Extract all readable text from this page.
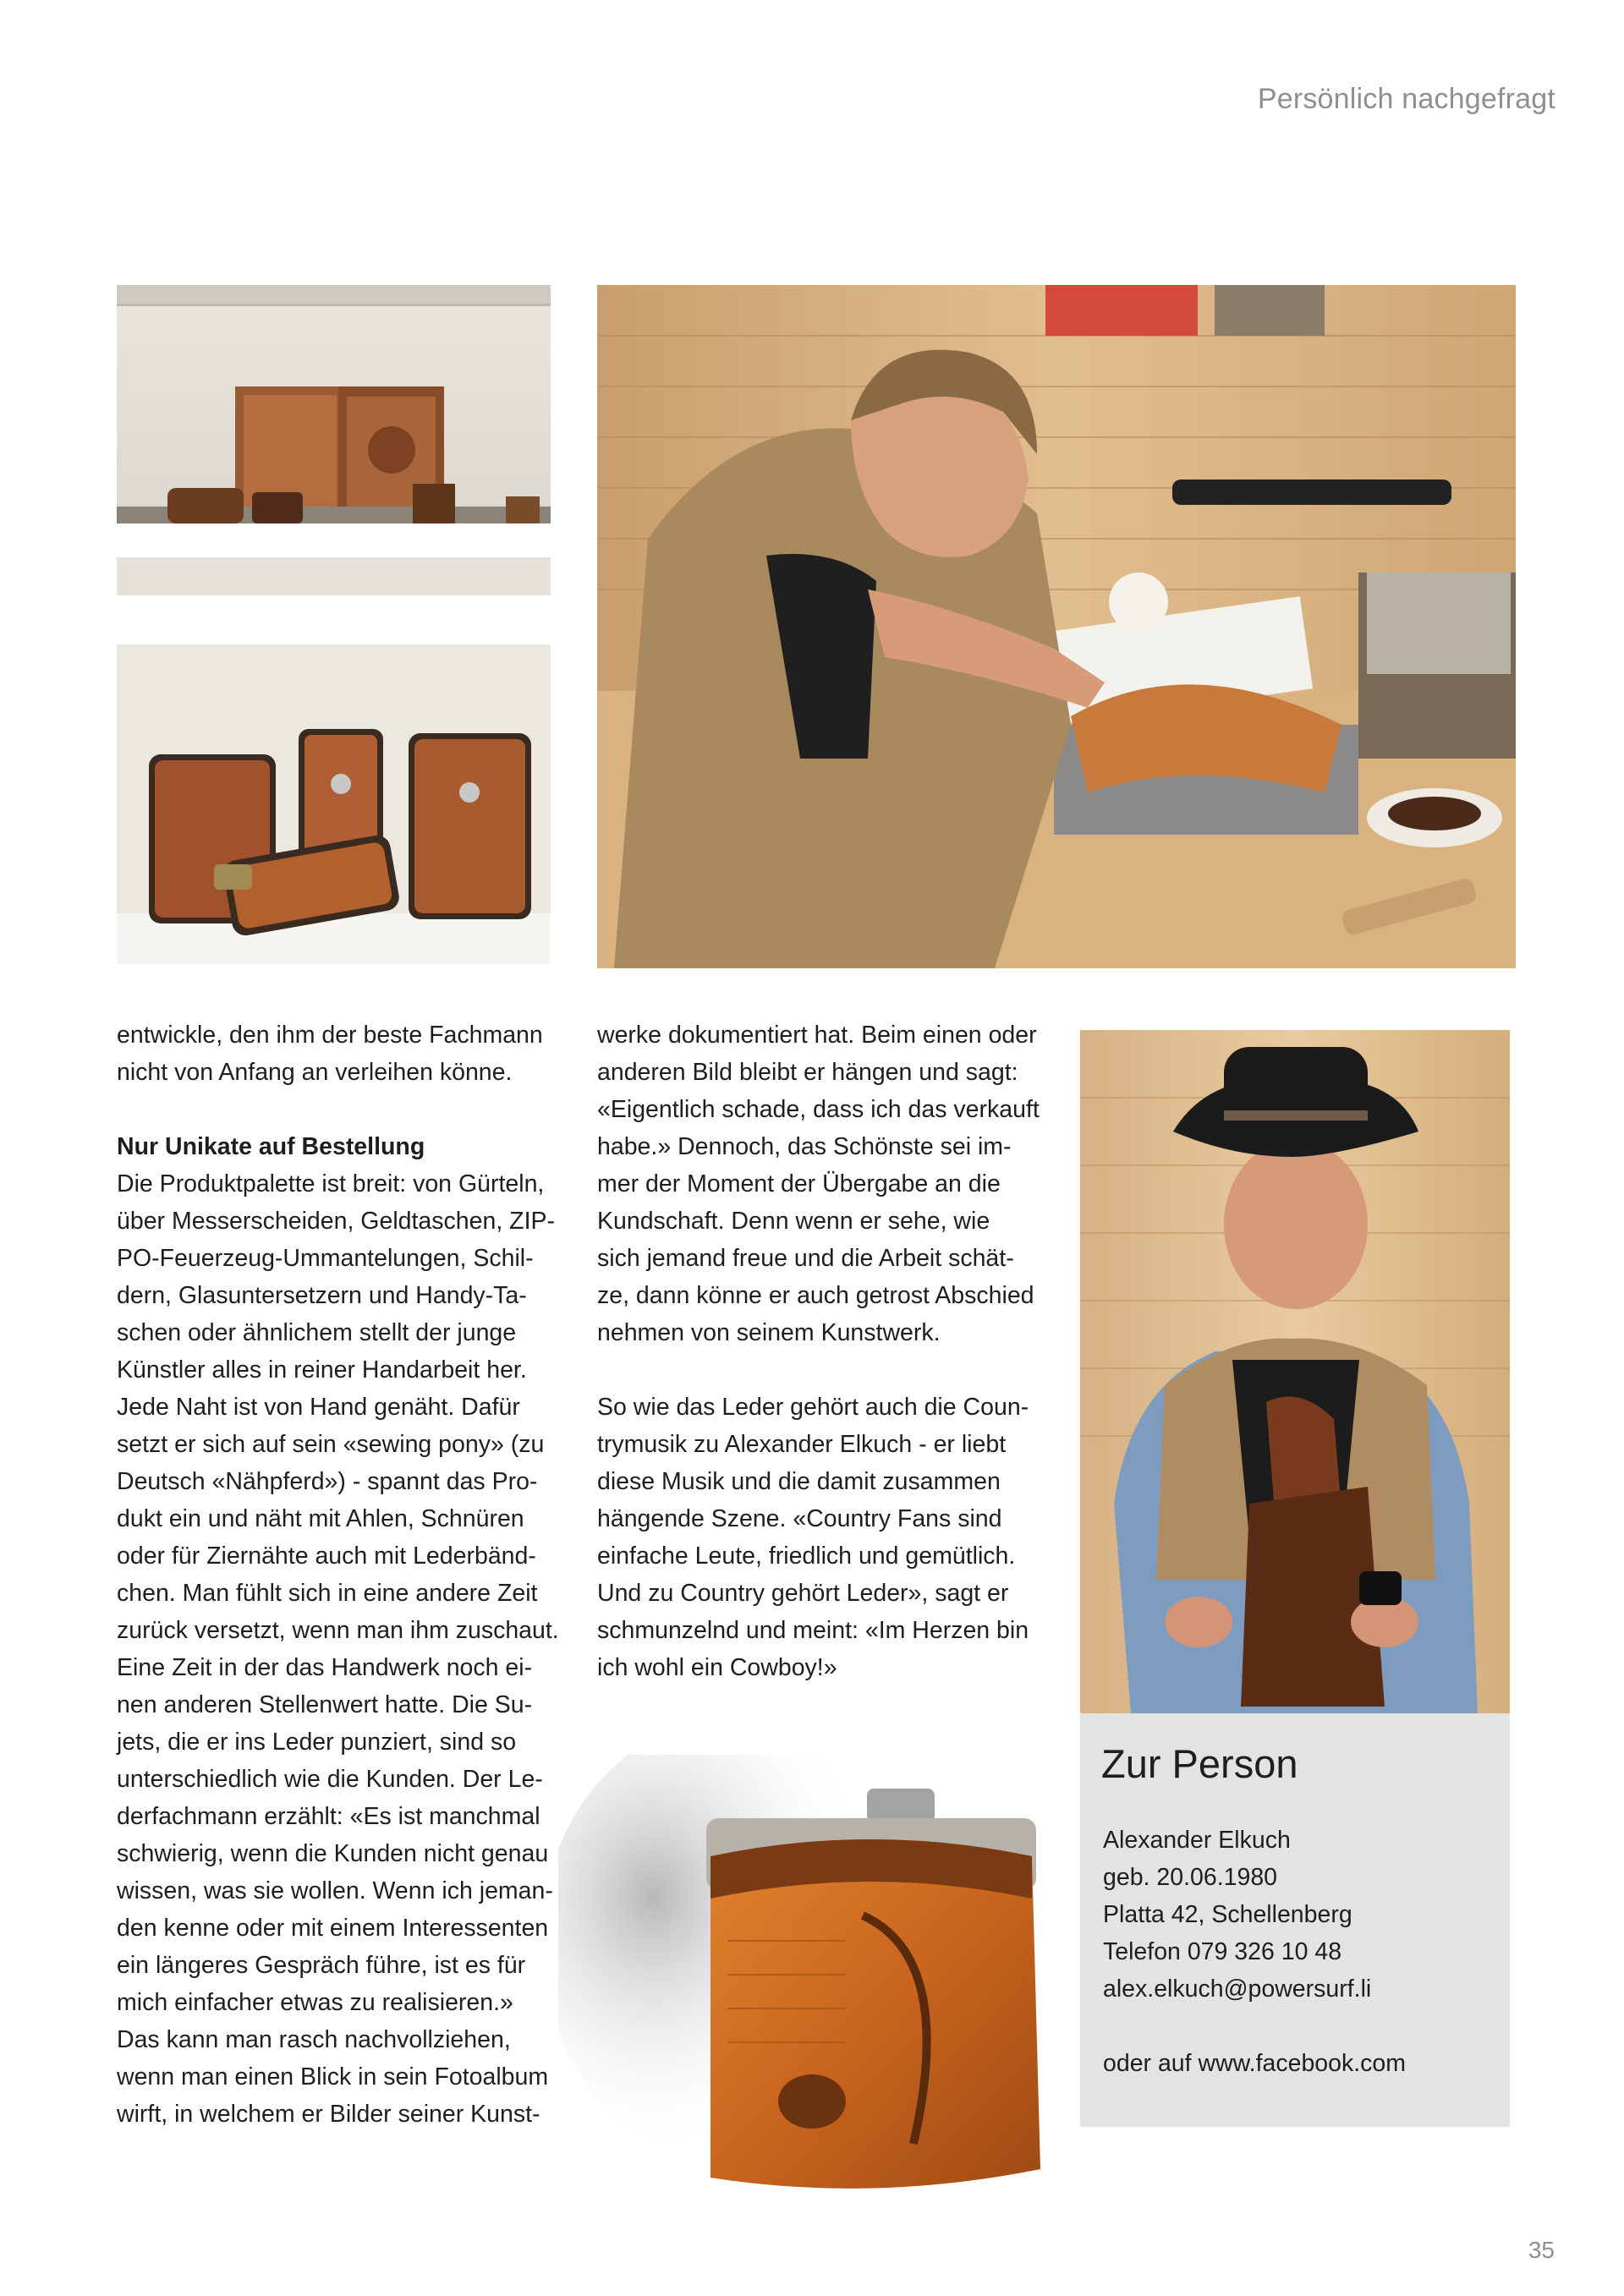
Persönlich nachgefragt

entwickle, den ihm der beste Fachmann

nicht von Anfang an verleihen könne.

Nur Unikate auf Bestellung

Die Produktpalette ist breit: von Gürteln,

über Messerscheiden, Geldtaschen, ZIP-

PO-Feuerzeug-Ummantelungen, Schil-

dern, Glasuntersetzern und Handy-Ta-

schen oder ähnlichem stellt der junge

Künstler alles in reiner Handarbeit her.

Jede Naht ist von Hand genäht. Dafür

setzt er sich auf sein «sewing pony» (zu

Deutsch «Nähpferd») - spannt das Pro-

dukt ein und näht mit Ahlen, Schnüren

oder für Ziernähte auch mit Lederbänd-

chen. Man fühlt sich in eine andere Zeit

zurück versetzt, wenn man ihm zuschaut.

Eine Zeit in der das Handwerk noch ei-

nen anderen Stellenwert hatte. Die Su-

jets, die er ins Leder punziert, sind so

unterschiedlich wie die Kunden. Der Le-

derfachmann erzählt: «Es ist manchmal

schwierig, wenn die Kunden nicht genau

wissen, was sie wollen. Wenn ich jeman-

den kenne oder mit einem Interessenten

ein längeres Gespräch führe, ist es für

mich einfacher etwas zu realisieren.»

Das kann man rasch nachvollziehen,

wenn man einen Blick in sein Fotoalbum

wirft, in welchem er Bilder seiner Kunst-

werke dokumentiert hat. Beim einen oder

anderen Bild bleibt er hängen und sagt:

«Eigentlich schade, dass ich das verkauft

habe.» Dennoch, das Schönste sei im-

mer der Moment der Übergabe an die

Kundschaft. Denn wenn er sehe, wie

sich jemand freue und die Arbeit schät-

ze, dann könne er auch getrost Abschied

nehmen von seinem Kunstwerk.

So wie das Leder gehört auch die Coun-

trymusik zu Alexander Elkuch - er liebt

diese Musik und die damit zusammen

hängende Szene. «Country Fans sind

einfache Leute, friedlich und gemütlich.

Und zu Country gehört Leder», sagt er

schmunzelnd und meint: «Im Herzen bin

ich wohl ein Cowboy!»

Zur Person
Alexander Elkuch
geb. 20.06.1980
Platta 42, Schellenberg
Telefon 079 326 10 48
alex.elkuch@powersurf.li
oder auf www.facebook.com
35
